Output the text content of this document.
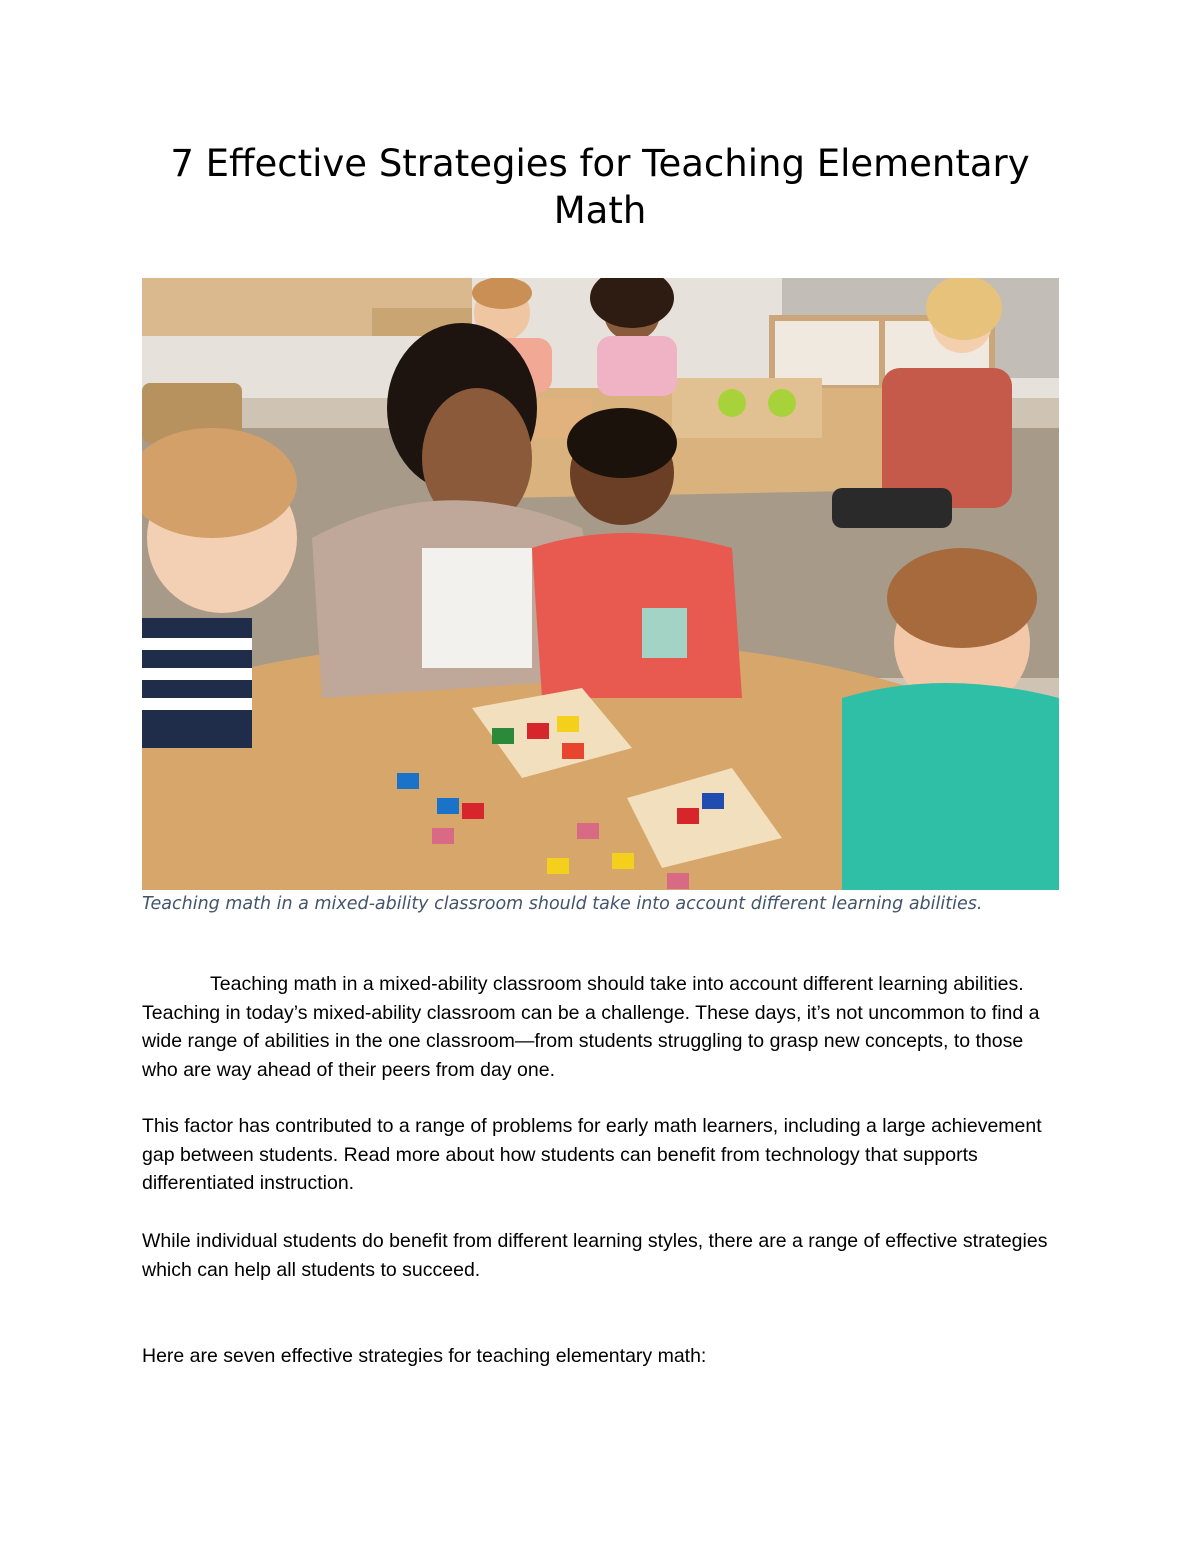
7 Effective Strategies for Teaching Elementary Math
Teaching math in a mixed-ability classroom should take into account different learning abilities.

Teaching math in a mixed-ability classroom should take into account different learning abilities. Teaching in today’s mixed-ability classroom can be a challenge. These days, it’s not uncommon to find a wide range of abilities in the one classroom—from students struggling to grasp new concepts, to those who are way ahead of their peers from day one.

This factor has contributed to a range of problems for early math learners, including a large achievement gap between students. Read more about how students can benefit from technology that supports differentiated instruction.

While individual students do benefit from different learning styles, there are a range of effective strategies which can help all students to succeed.

Here are seven effective strategies for teaching elementary math:
